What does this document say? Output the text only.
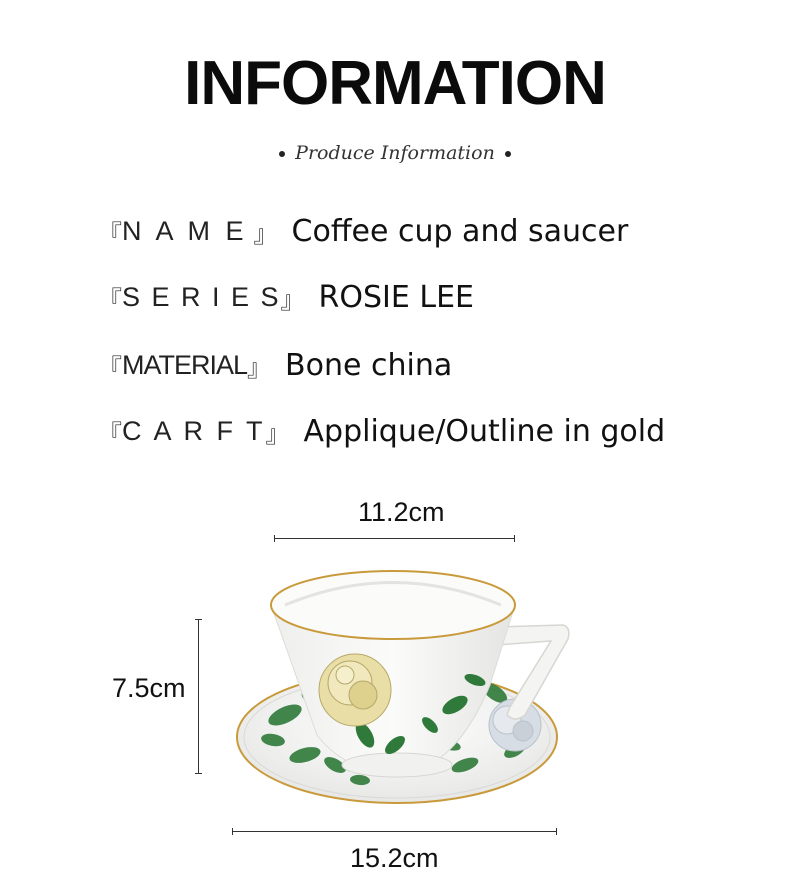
INFORMATION
Produce Information
『 N A M E 』 Coffee cup and saucer
『 S E R I E S 』 ROSIE LEE
『 MATERIAL 』 Bone china
『 C A R F T 』 Applique/Outline in gold
11.2cm
7.5cm
15.2cm
